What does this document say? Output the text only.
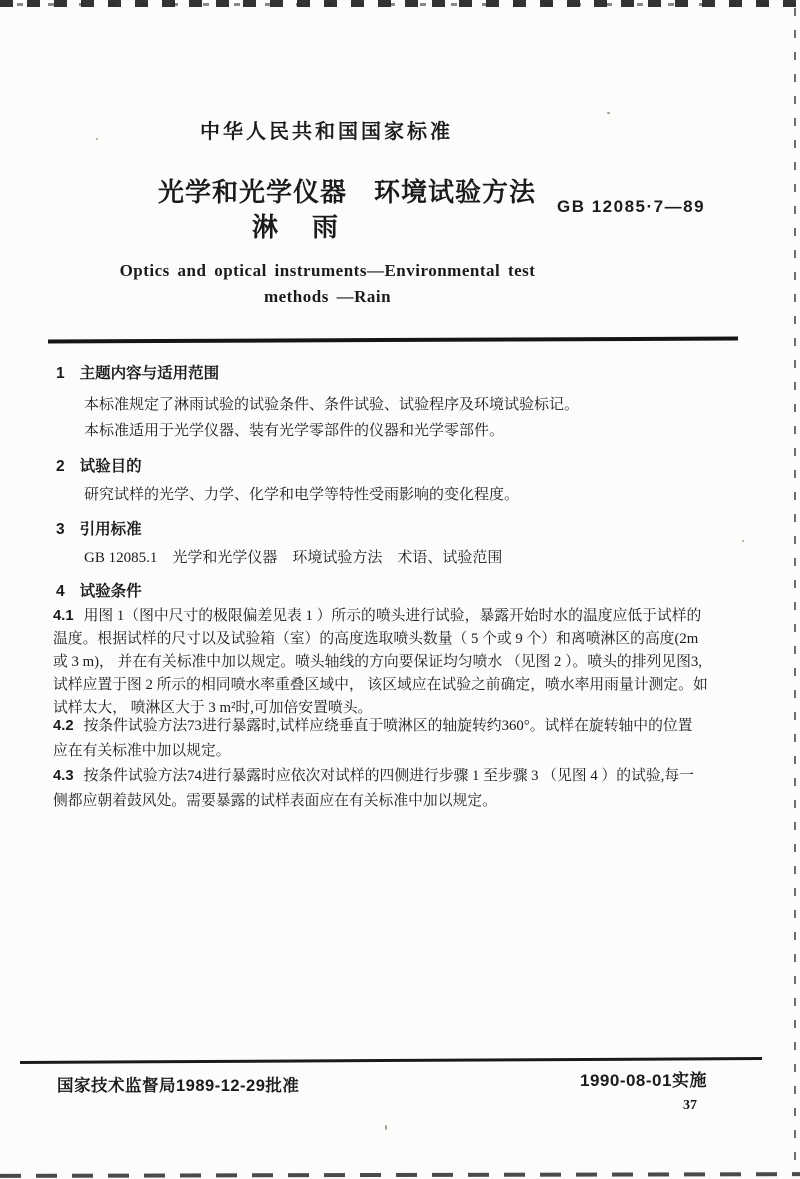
中华人民共和国国家标准
光学和光学仪器　环境试验方法
淋　雨
GB 12085·7—89
Optics and optical instruments—Environmental test
methods —Rain
1 主题内容与适用范围
本标准规定了淋雨试验的试验条件、条件试验、试验程序及环境试验标记。
本标准适用于光学仪器、装有光学零部件的仪器和光学零部件。
2 试验目的
研究试样的光学、力学、化学和电学等特性受雨影响的变化程度。
3 引用标准
GB 12085.1　光学和光学仪器　环境试验方法　术语、试验范围
4 试验条件
4.1 用图 1（图中尺寸的极限偏差见表 1 ）所示的喷头进行试验，暴露开始时水的温度应低于试样的
温度。根据试样的尺寸以及试验箱（室）的高度选取喷头数量（ 5 个或 9 个）和离喷淋区的高度(2m
或 3 m)， 并在有关标准中加以规定。喷头轴线的方向要保证均匀喷水 （见图 2 ）。喷头的排列见图3,
试样应置于图 2 所示的相同喷水率重叠区域中， 该区域应在试验之前确定，喷水率用雨量计测定。如
试样太大， 喷淋区大于 3 m²时,可加倍安置喷头。
4.2 按条件试验方法73进行暴露时,试样应绕垂直于喷淋区的轴旋转约360°。试样在旋转轴中的位置
应在有关标准中加以规定。
4.3 按条件试验方法74进行暴露时应依次对试样的四侧进行步骤 1 至步骤 3 （见图 4 ）的试验,每一
侧都应朝着鼓风处。需要暴露的试样表面应在有关标准中加以规定。
国家技术监督局1989-12-29批准	1990-08-01实施
37
